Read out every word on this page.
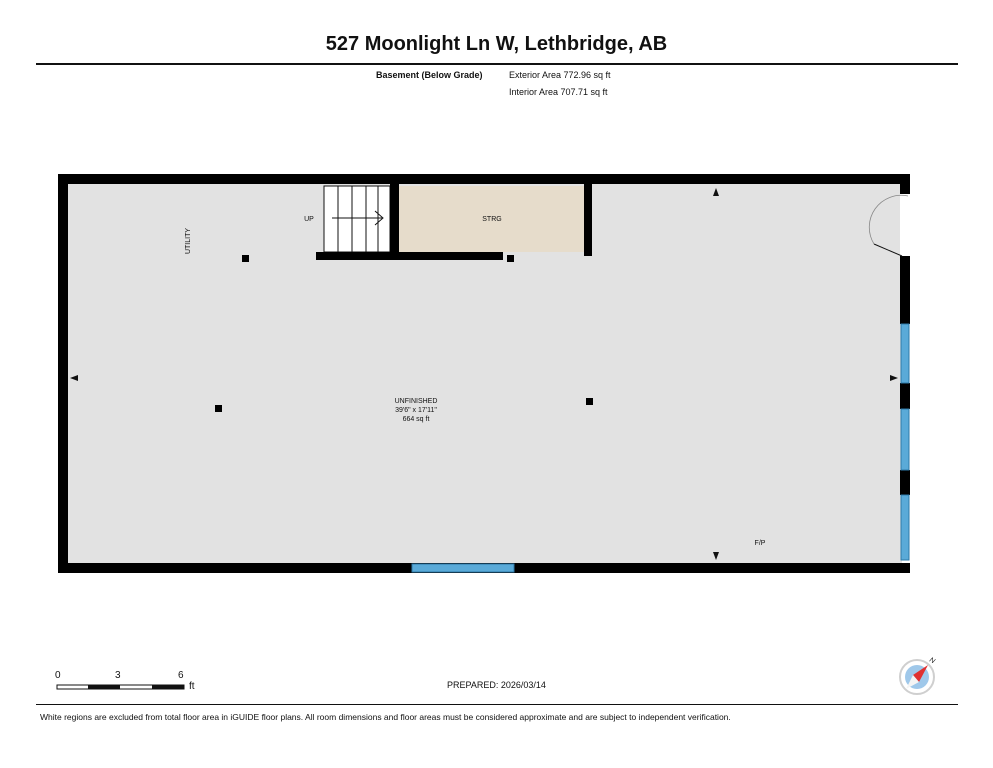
527 Moonlight Ln W, Lethbridge, AB
Basement (Below Grade)	Exterior Area 772.96 sq ft
Interior Area 707.71 sq ft
UTILITY
UP	STRG
UNFINISHED
39'6" x 17'11"
664 sq ft
F/P
N
0	3	6
ft	PREPARED: 2026/03/14
White regions are excluded from total floor area in iGUIDE floor plans. All room dimensions and floor areas must be considered approximate and are subject to independent verification.
